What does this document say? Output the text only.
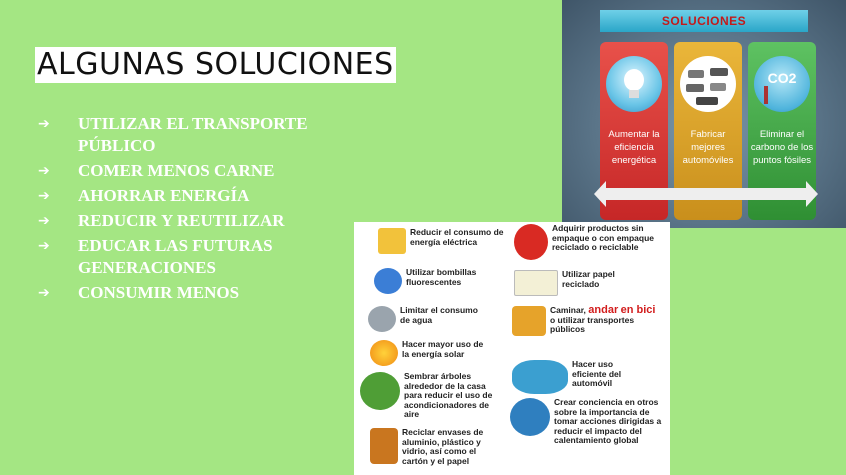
ALGUNAS SOLUCIONES
➔	UTILIZAR EL TRANSPORTE PÚBLICO
➔	COMER MENOS CARNE
➔	AHORRAR ENERGÍA
➔	REDUCIR Y REUTILIZAR
➔	EDUCAR LAS FUTURAS GENERACIONES
➔	CONSUMIR MENOS
SOLUCIONES
Aumentar la eficiencia energética
Fabricar mejores automóviles
CO2
Eliminar el carbono de los puntos fósiles
Reducir el consumo de energía eléctrica
Utilizar bombillas fluorescentes
Limitar el consumo de agua
Hacer mayor uso de la energía solar
Sembrar árboles alrededor de la casa para reducir el uso de acondicionadores de aire
Reciclar envases de aluminio, plástico y vidrio, así como el cartón y el papel
Adquirir productos sin empaque o con empaque reciclado o reciclable
Utilizar papel reciclado
Caminar, andar en bici o utilizar transportes públicos
Hacer uso eficiente del automóvil
Crear conciencia en otros sobre la importancia de tomar acciones dirigidas a reducir el impacto del calentamiento global
